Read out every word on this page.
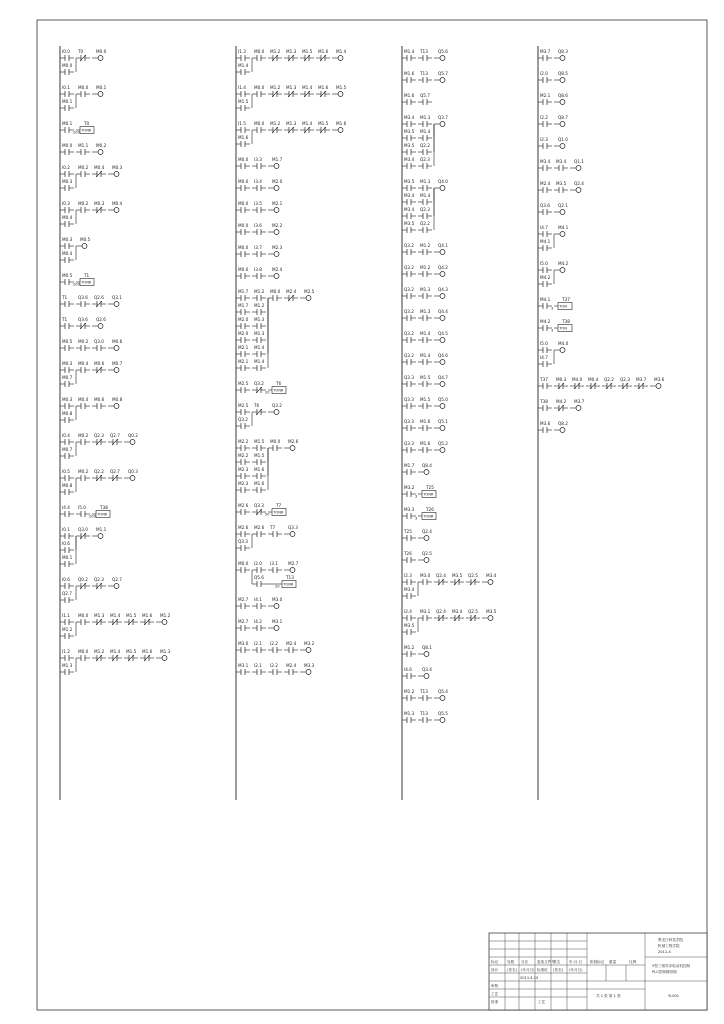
I0.0 T0	M0.0
M0.0
I0.1 M0.0 M0.1
M0.1
M0.1
TONR
T0
200
M0.0 M1.1 M0.2
I0.2 M0.2 M0.4 M0.3
M0.3
I0.3 M0.2 M0.3 M0.4
M0.4
M0.3 M0.5
M0.4
M0.5
TONR
T1
200
T1	Q3.6 Q2.6 Q3.1
T1	Q3.6 Q2.6
M0.5 M0.2 Q3.0 M0.6
M0.3 M0.4 M0.6 M0.7
M0.7
M0.3 M0.4 M0.6 M0.8
M0.8
I0.4 M0.2 Q2.3 Q2.7 Q0.2
M0.7
I0.5 M0.2 Q2.2 Q2.7 Q0.3
M0.8
I4.4 I5.0
TONR
T38
200
I0.1 Q3.0 M1.1
I0.6
M0.1
I0.6 Q0.2 Q2.3 Q2.7
Q2.7
I1.1 M0.0 M1.3 M1.4 M1.5 M1.6 M1.2
M1.2
I1.2 M0.0 M1.2 M1.4 M1.5 M1.6 M1.3
M1.3
I1.3 M0.0 M1.2 M1.3 M1.5 M1.6 M1.4
M1.4
I1.4 M0.0 M1.2 M1.3 M1.4 M1.6 M1.5
M1.5
I1.5 M0.0 M1.2 M1.3 M1.4 M1.5 M1.6
M1.6
M0.0 I3.3 M1.7
M0.0 I3.4 M2.0
M0.0 I3.5 M2.1
M0.0 I3.6 M2.2
M0.0 I3.7 M2.3
M0.0 I3.8 M2.4
M1.7 M1.2 M0.0 M2.4 M2.5
M1.7 M1.2
M2.0 M1.3
M2.0 M1.3
M2.1 M1.4
M2.1 M1.4
M2.5 Q3.2
TONR
T6
20
M2.5 T6	Q3.2
Q3.2
M2.2 M1.5 M0.0 M2.6
M2.2 M1.5
M2.3 M1.6
M2.3 M1.6
M2.6 Q3.3
TONR
T7
50
M2.6 M2.6 T7	Q3.3
Q3.3
M0.0 I2.0 I3.1 M2.7
Q5.6
TONR
T13
20
M2.7 I4.1 M3.0
M2.7 I4.2 M3.1
M3.0 I2.1 I2.2 M2.4 M3.2
M3.1 I2.1 I2.2 M2.4 M3.3
M1.4 T13 Q5.6
M1.6 T13 Q5.7
M1.6 Q5.7
M3.4 M1.3 Q3.7
M3.5 M1.4
M3.5 Q2.2
M3.4 Q2.3
M3.5 M1.3 Q4.0
M3.4 M1.4
M3.4 Q2.3
M3.5 Q2.2
Q3.2 M1.2 Q4.1
Q3.2 M1.2 Q4.2
Q3.2 M1.3 Q4.3
Q3.2 M1.3 Q4.4
Q3.2 M1.4 Q4.5
Q3.2 M1.4 Q4.6
Q3.3 M1.5 Q4.7
Q3.3 M1.5 Q5.0
Q3.3 M1.6 Q5.1
Q3.3 M1.6 Q5.2
M1.7 Q8.4
M3.2
TONR
T25
3
M3.3
TONR
T26
3
T25 Q2.4
T26 Q2.5
I2.3 M3.0 Q2.4 M3.5 Q2.5 M3.4
M3.4
I2.4 M3.1 Q2.4 M3.4 Q2.5 M3.5
M3.5
M1.2 Q8.1
I4.6 Q3.4
M1.2 T13 Q5.4
M1.3 T13 Q5.5
M3.7 Q8.3
I2.0 Q8.5
M2.1 Q8.6
I2.2 Q8.7
I2.3 Q1.0
M3.4 M3.4 Q1.1
M2.4 M3.5 Q2.4
Q3.6 Q2.1
I4.7 M4.1
M4.1
I5.0 M4.2
M4.2
M4.1
TON
T37
3
M4.2
TON
T38
3
I5.0 M4.0
I4.7
T37 M0.3 M4.0 M0.4 Q2.2 Q2.3 M3.7 M3.6
T38 M4.2 M3.7
M3.6 Q8.2
黑龙江科技学院
机械工程学院
2011-4
Y型三相异步电动机控制
PLC控制梯形图
YL001
标记 处数 分区 更改文件号
签名 年.月.日
设计 (签名) (年月日) 标准化 (签名) (年月日)
2011.4.15
审核
工艺
批准	工艺
阶段标记 重量	比例
共 1 张 第 1 张
